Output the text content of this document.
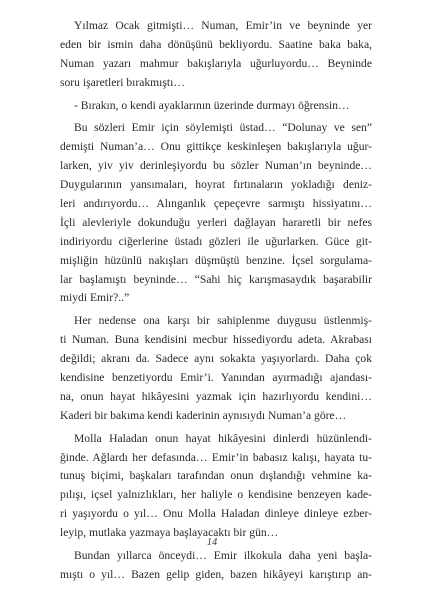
Yılmaz Ocak gitmişti… Numan, Emir’in ve beyninde yer
eden bir ismin daha dönüşünü bekliyordu. Saatine baka baka,
Numan yazarı mahmur bakışlarıyla uğurluyordu… Beyninde
soru işaretleri bırakmıştı…
- Bırakın, o kendi ayaklarının üzerinde durmayı öğrensin…
Bu sözleri Emir için söylemişti üstad… “Dolunay ve sen”
demişti Numan’a… Onu gittikçe keskinleşen bakışlarıyla uğur-
larken, yiv yiv derinleşiyordu bu sözler Numan’ın beyninde…
Duygularının yansımaları, hoyrat fırtınaların yokladığı deniz-
leri andırıyordu… Alınganlık çepeçevre sarmıştı hissiyatını…
İçli alevleriyle dokunduğu yerleri dağlayan hararetli bir nefes
indiriyordu ciğerlerine üstadı gözleri ile uğurlarken. Güce git-
mişliğin hüzünlü nakışları düşmüştü benzine. İçsel sorgulama-
lar başlamıştı beyninde… “Sahi hiç karışmasaydık başarabilir
miydi Emir?..”
Her nedense ona karşı bir sahiplenme duygusu üstlenmiş-
ti Numan. Buna kendisini mecbur hissediyordu adeta. Akrabası
değildi; akranı da. Sadece aynı sokakta yaşıyorlardı. Daha çok
kendisine benzetiyordu Emir’i. Yanından ayırmadığı ajandası-
na, onun hayat hikâyesini yazmak için hazırlıyordu kendini…
Kaderi bir bakıma kendi kaderinin aynısıydı Numan’a göre…
Molla Haladan onun hayat hikâyesini dinlerdi hüzünlendi-
ğinde. Ağlardı her defasında… Emir’in babasız kalışı, hayata tu-
tunuş biçimi, başkaları tarafından onun dışlandığı vehmine ka-
pılışı, içsel yalnızlıkları, her haliyle o kendisine benzeyen kade-
ri yaşıyordu o yıl… Onu Molla Haladan dinleye dinleye ezber-
leyip, mutlaka yazmaya başlayacaktı bir gün…
Bundan yıllarca önceydi… Emir ilkokula daha yeni başla-
mıştı o yıl… Bazen gelip giden, bazen hikâyeyi karıştırıp an-
14
